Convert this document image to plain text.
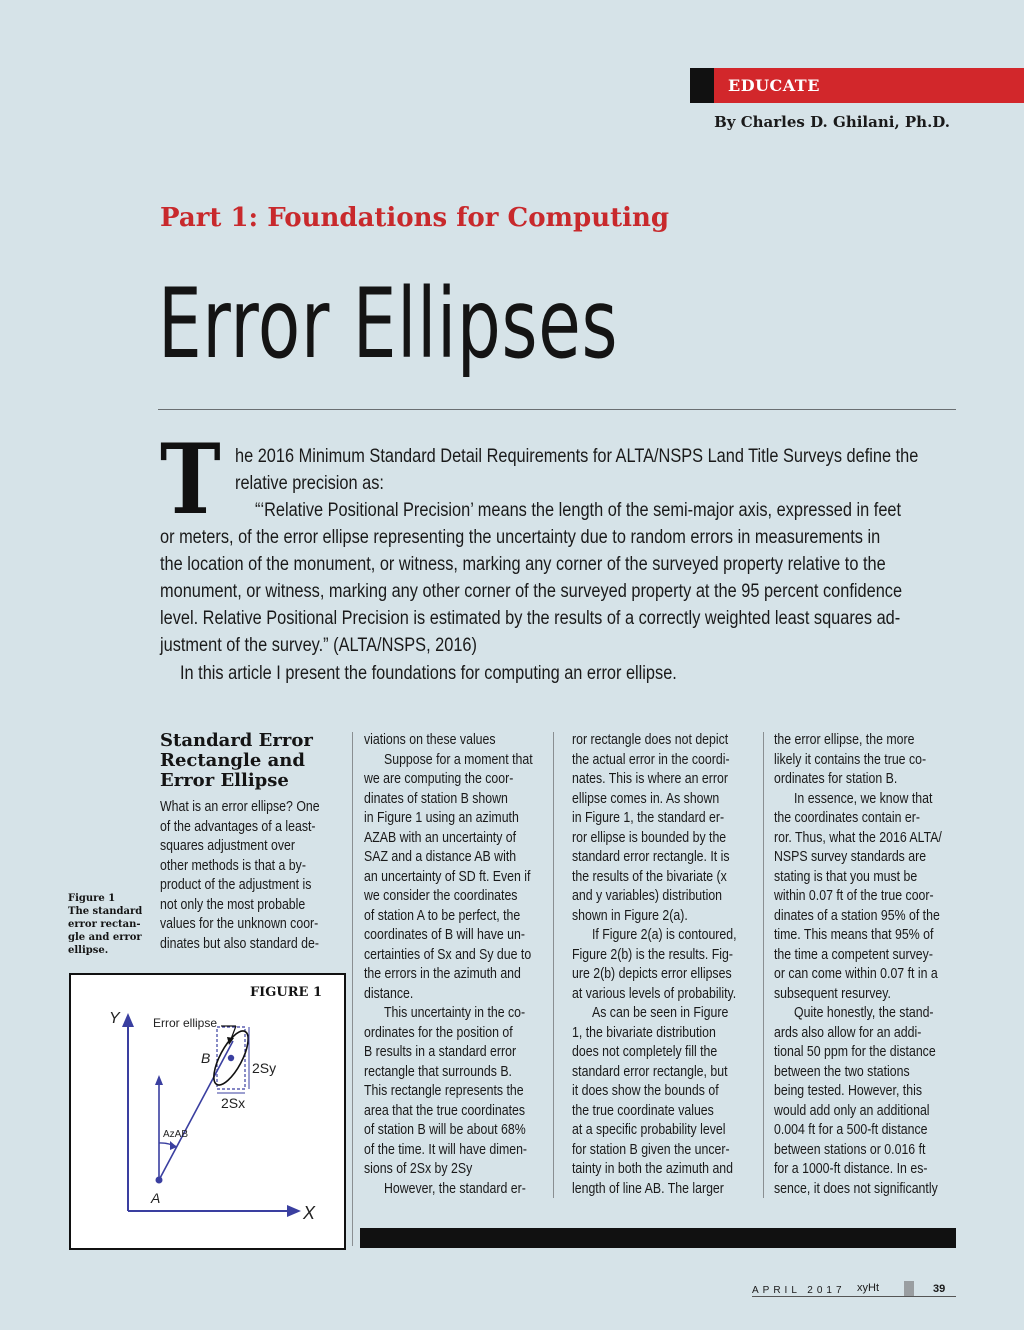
EDUCATE
By Charles D. Ghilani, Ph.D.
Part 1: Foundations for Computing
Error Ellipses
T he 2016 Minimum Standard Detail Requirements for ALTA/NSPS Land Title Surveys define the
relative precision as:
“‘Relative Positional Precision’ means the length of the semi-major axis, expressed in feet
or meters, of the error ellipse representing the uncertainty due to random errors in measurements in
the location of the monument, or witness, marking any corner of the surveyed property relative to the
monument, or witness, marking any other corner of the surveyed property at the 95 percent confidence
level. Relative Positional Precision is estimated by the results of a correctly weighted least squares ad-
justment of the survey.” (ALTA/NSPS, 2016)
In this article I present the foundations for computing an error ellipse.
Standard Error
Rectangle and
Error Ellipse

What is an error ellipse? One

of the advantages of a least-

squares adjustment over

other methods is that a by-

product of the adjustment is

not only the most probable

values for the unknown coor-

dinates but also standard de-

Figure 1
The standard
error rectan-
gle and error
ellipse.
FIGURE 1
Y
X
Error ellipse
B
A
2Sy
2Sx
AzAB

viations on these values

Suppose for a moment that

we are computing the coor-

dinates of station B shown

in Figure 1 using an azimuth

AZAB with an uncertainty of

SAZ and a distance AB with

an uncertainty of SD ft. Even if

we consider the coordinates

of station A to be perfect, the

coordinates of B will have un-

certainties of Sx and Sy due to

the errors in the azimuth and

distance.

This uncertainty in the co-

ordinates for the position of

B results in a standard error

rectangle that surrounds B.

This rectangle represents the

area that the true coordinates

of station B will be about 68%

of the time. It will have dimen-

sions of 2Sx by 2Sy

However, the standard er-

ror rectangle does not depict

the actual error in the coordi-

nates. This is where an error

ellipse comes in. As shown

in Figure 1, the standard er-

ror ellipse is bounded by the

standard error rectangle. It is

the results of the bivariate (x

and y variables) distribution

shown in Figure 2(a).

If Figure 2(a) is contoured,

Figure 2(b) is the results. Fig-

ure 2(b) depicts error ellipses

at various levels of probability.

As can be seen in Figure

1, the bivariate distribution

does not completely fill the

standard error rectangle, but

it does show the bounds of

the true coordinate values

at a specific probability level

for station B given the uncer-

tainty in both the azimuth and

length of line AB. The larger

the error ellipse, the more

likely it contains the true co-

ordinates for station B.

In essence, we know that

the coordinates contain er-

ror. Thus, what the 2016 ALTA/

NSPS survey standards are

stating is that you must be

within 0.07 ft of the true coor-

dinates of a station 95% of the

time. This means that 95% of

the time a competent survey-

or can come within 0.07 ft in a

subsequent resurvey.

Quite honestly, the stand-

ards also allow for an addi-

tional 50 ppm for the distance

between the two stations

being tested. However, this

would add only an additional

0.004 ft for a 500-ft distance

between stations or 0.016 ft

for a 1000-ft distance. In es-

sence, it does not significantly

APRIL 2017 xyHt	39
